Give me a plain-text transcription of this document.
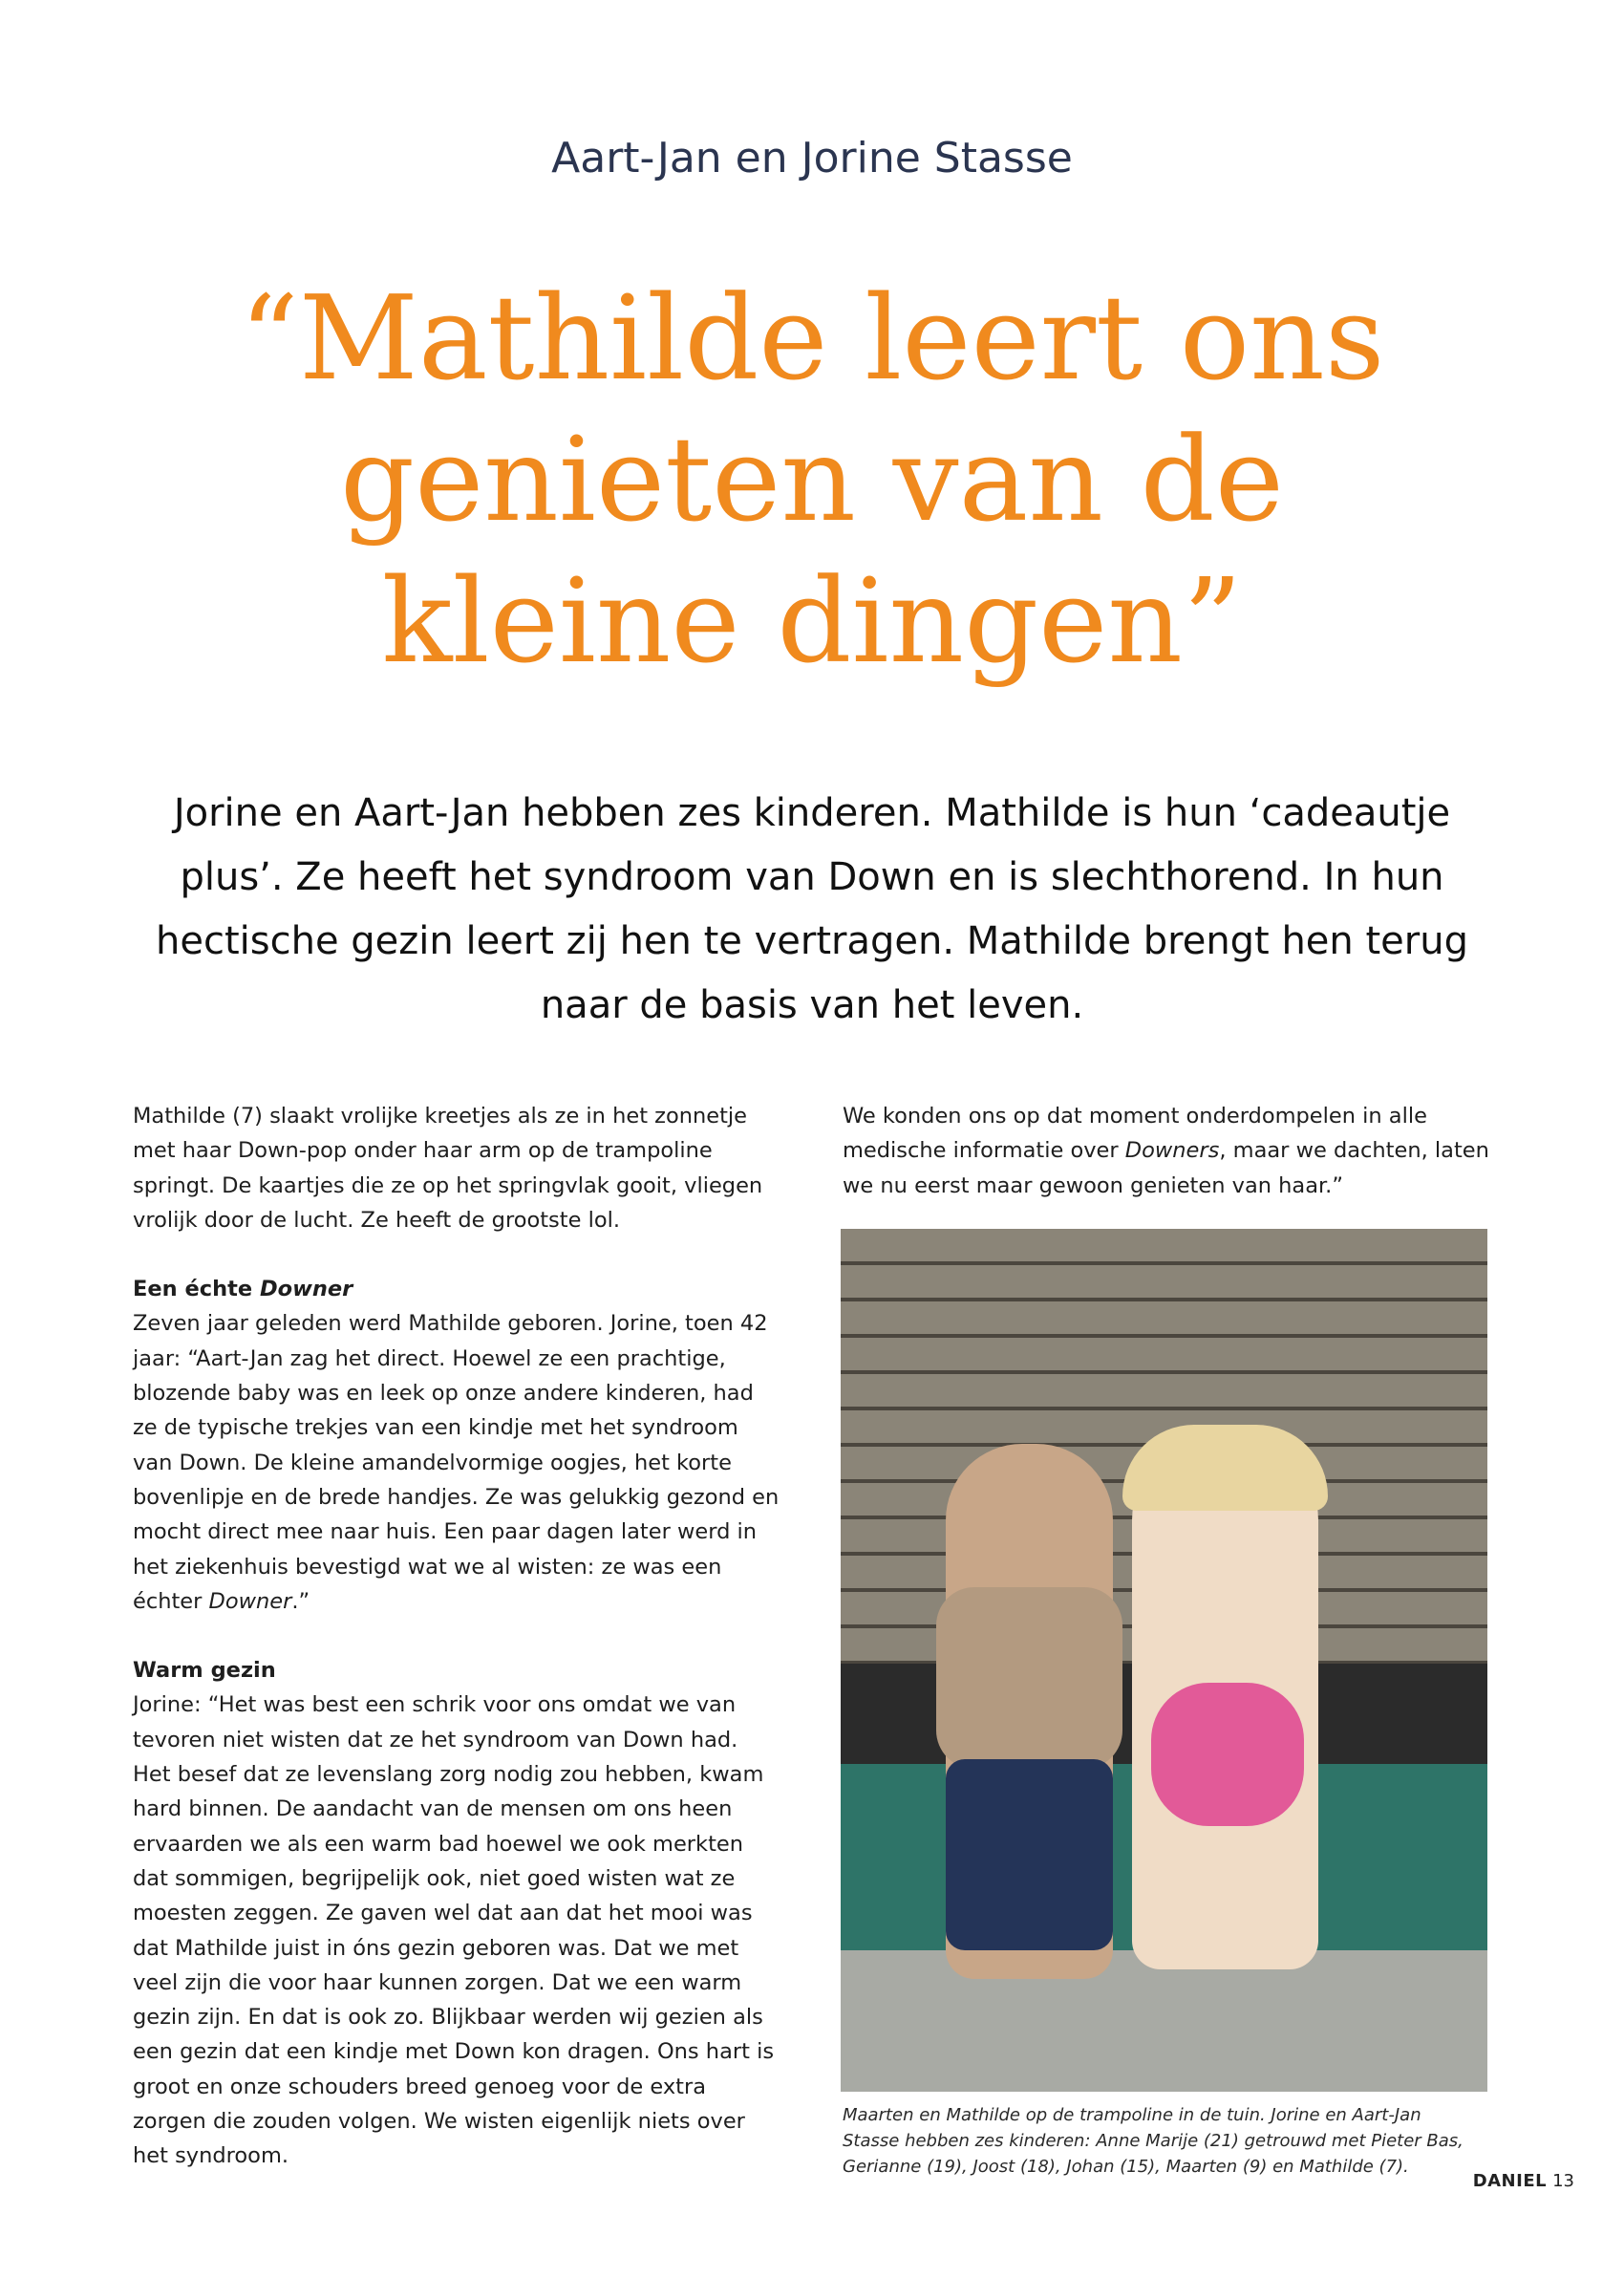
Aart-Jan en Jorine Stasse
“Mathilde leert ons genieten van de kleine dingen”

Jorine en Aart-Jan hebben zes kinderen. Mathilde is hun ‘cadeautje plus’. Ze heeft het syndroom van Down en is slechthorend. In hun hectische gezin leert zij hen te vertragen. Mathilde brengt hen terug naar de basis van het leven.

Mathilde (7) slaakt vrolijke kreetjes als ze in het zonnetje met haar Down-pop onder haar arm op de trampoline springt. De kaartjes die ze op het springvlak gooit, vliegen vrolijk door de lucht. Ze heeft de grootste lol.

Een échte Downer

Zeven jaar geleden werd Mathilde geboren. Jorine, toen 42 jaar: “Aart-Jan zag het direct. Hoewel ze een prachtige, blozende baby was en leek op onze andere kinderen, had ze de typische trekjes van een kindje met het syndroom van Down. De kleine amandelvormige oogjes, het korte bovenlipje en de brede handjes. Ze was gelukkig gezond en mocht direct mee naar huis. Een paar dagen later werd in het ziekenhuis bevestigd wat we al wisten: ze was een échter Downer.”

Warm gezin

Jorine: “Het was best een schrik voor ons omdat we van tevoren niet wisten dat ze het syndroom van Down had. Het besef dat ze levenslang zorg nodig zou hebben, kwam hard binnen. De aandacht van de mensen om ons heen ervaarden we als een warm bad hoewel we ook merkten dat sommigen, begrijpelijk ook, niet goed wisten wat ze moesten zeggen. Ze gaven wel dat aan dat het mooi was dat Mathilde juist in óns gezin geboren was. Dat we met veel zijn die voor haar kunnen zorgen. Dat we een warm gezin zijn. En dat is ook zo. Blijkbaar werden wij gezien als een gezin dat een kindje met Down kon dragen. Ons hart is groot en onze schouders breed genoeg voor de extra zorgen die zouden volgen. We wisten eigenlijk niets over het syndroom.

We konden ons op dat moment onderdompelen in alle medische informatie over Downers, maar we dachten, laten we nu eerst maar gewoon genieten van haar.”

Maarten en Mathilde op de trampoline in de tuin. Jorine en Aart-Jan Stasse hebben zes kinderen: Anne Marije (21) getrouwd met Pieter Bas, Gerianne (19), Joost (18), Johan (15), Maarten (9) en Mathilde (7).

DANIEL 13
